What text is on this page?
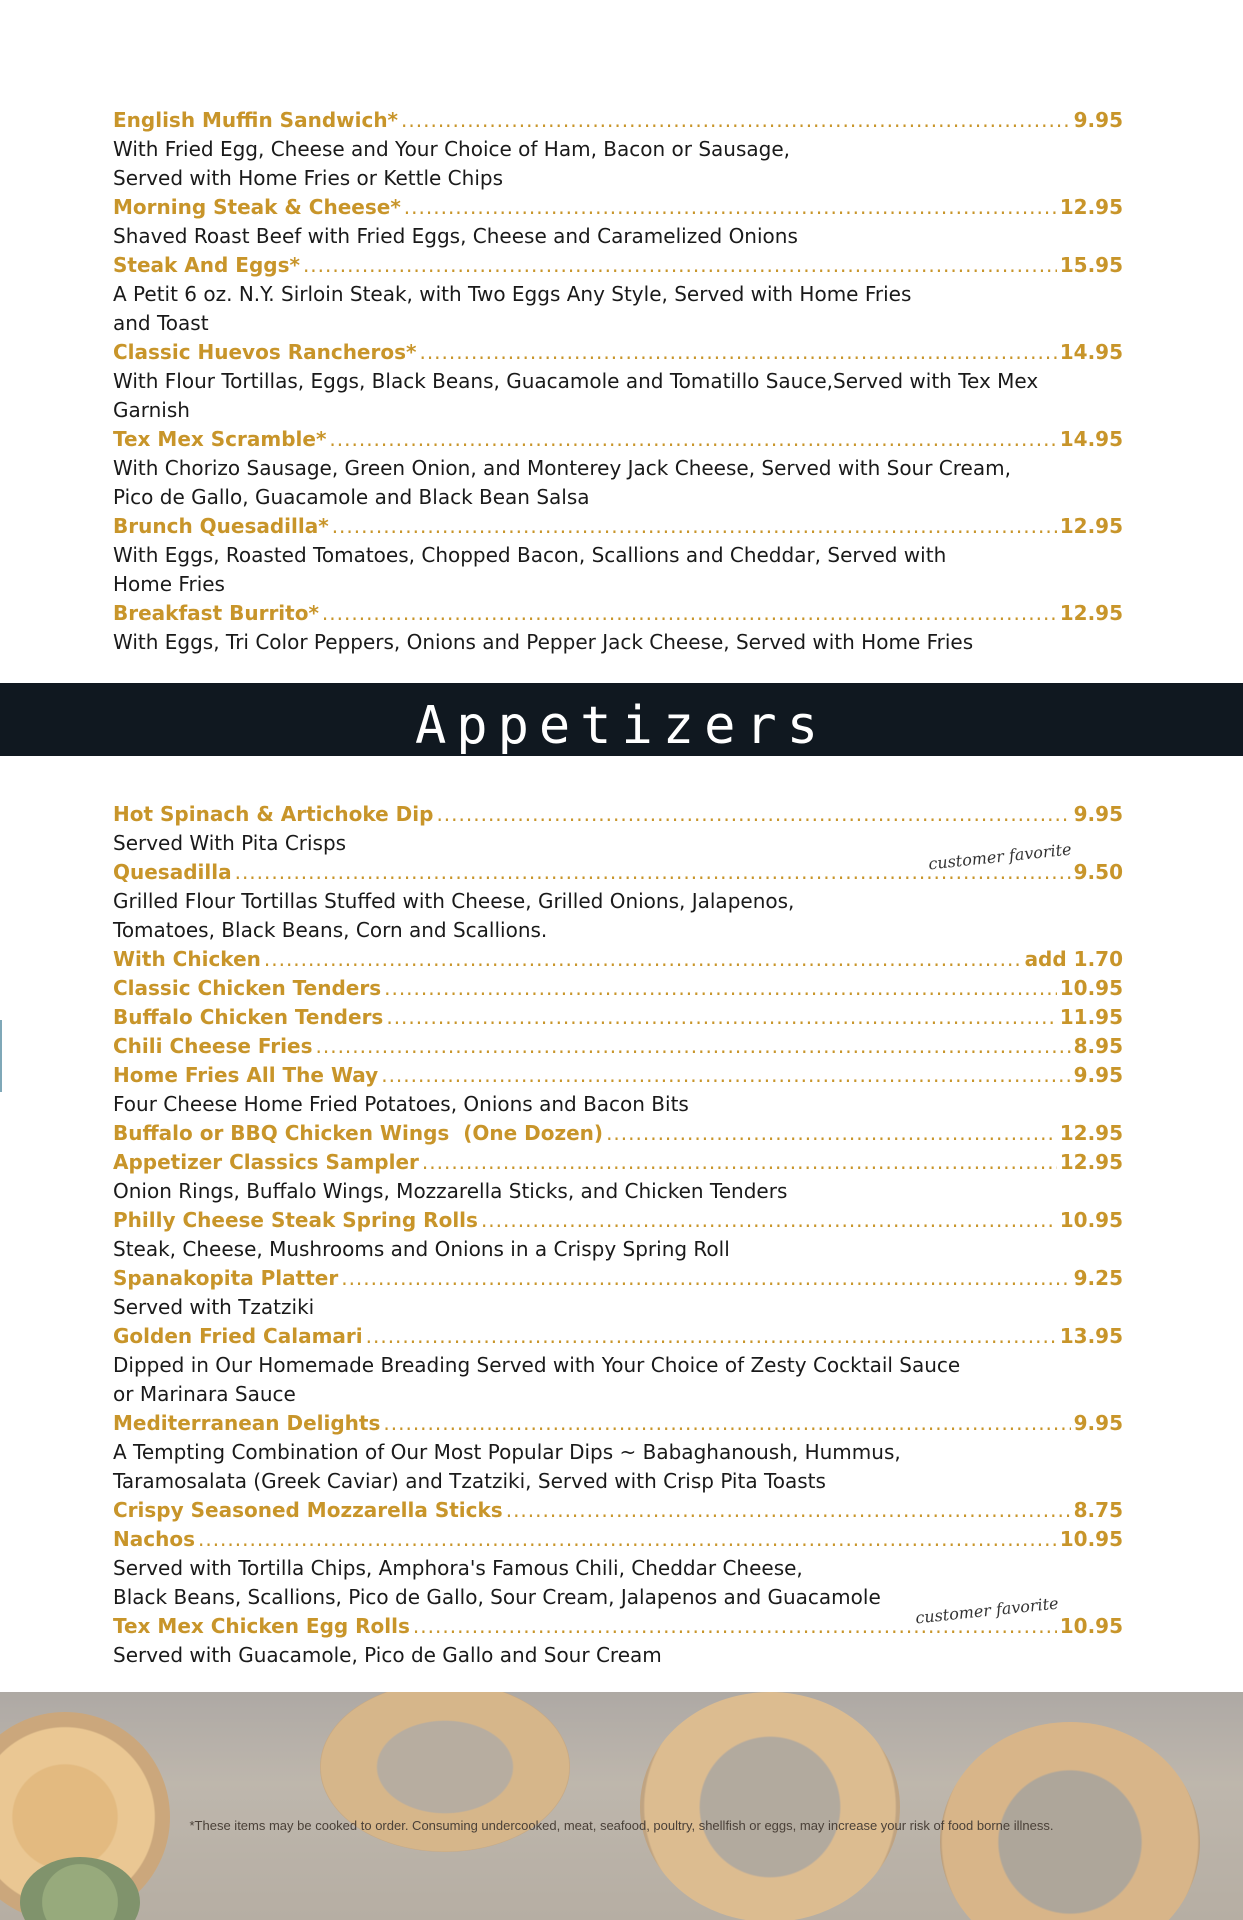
English Muffin Sandwich* .....	9.95

With Fried Egg, Cheese and Your Choice of Ham, Bacon or Sausage,
Served with Home Fries or Kettle Chips

Morning Steak & Cheese* .....	12.95

Shaved Roast Beef with Fried Eggs, Cheese and Caramelized Onions

Steak And Eggs* .....	15.95

A Petit 6 oz. N.Y. Sirloin Steak, with Two Eggs Any Style, Served with Home Fries
and Toast

Classic Huevos Rancheros* .....	14.95

With Flour Tortillas, Eggs, Black Beans, Guacamole and Tomatillo Sauce,Served with Tex Mex
Garnish

Tex Mex Scramble* .....	14.95

With Chorizo Sausage, Green Onion, and Monterey Jack Cheese, Served with Sour Cream,
Pico de Gallo, Guacamole and Black Bean Salsa

Brunch Quesadilla* .....	12.95

With Eggs, Roasted Tomatoes, Chopped Bacon, Scallions and Cheddar, Served with
Home Fries

Breakfast Burrito* .....	12.95

With Eggs, Tri Color Peppers, Onions and Pepper Jack Cheese, Served with Home Fries

Appetizers
Hot Spinach & Artichoke Dip .....	9.95

Served With Pita Crisps	customer favorite
Quesadilla .....	9.50

Grilled Flour Tortillas Stuffed with Cheese, Grilled Onions, Jalapenos,
Tomatoes, Black Beans, Corn and Scallions.

With Chicken .....	add 1.70
Classic Chicken Tenders .....	10.95
Buffalo Chicken Tenders .....	11.95
Chili Cheese Fries .....	8.95
Home Fries All The Way .....	9.95

Four Cheese Home Fried Potatoes, Onions and Bacon Bits

Buffalo or BBQ Chicken Wings  (One Dozen) .....	12.95
Appetizer Classics Sampler .....	12.95

Onion Rings, Buffalo Wings, Mozzarella Sticks, and Chicken Tenders

Philly Cheese Steak Spring Rolls .....	10.95

Steak, Cheese, Mushrooms and Onions in a Crispy Spring Roll

Spanakopita Platter .....	9.25

Served with Tzatziki

Golden Fried Calamari .....	13.95

Dipped in Our Homemade Breading Served with Your Choice of Zesty Cocktail Sauce
or Marinara Sauce

Mediterranean Delights .....	9.95

A Tempting Combination of Our Most Popular Dips ~ Babaghanoush, Hummus,
Taramosalata (Greek Caviar) and Tzatziki, Served with Crisp Pita Toasts

Crispy Seasoned Mozzarella Sticks .....	8.75
Nachos .....	10.95

Served with Tortilla Chips, Amphora's Famous Chili, Cheddar Cheese,
Black Beans, Scallions, Pico de Gallo, Sour Cream, Jalapenos and Guacamole	customer favorite
Tex Mex Chicken Egg Rolls .....	10.95

Served with Guacamole, Pico de Gallo and Sour Cream

*These items may be cooked to order. Consuming undercooked, meat, seafood, poultry, shellfish or eggs, may increase your risk of food borne illness.
